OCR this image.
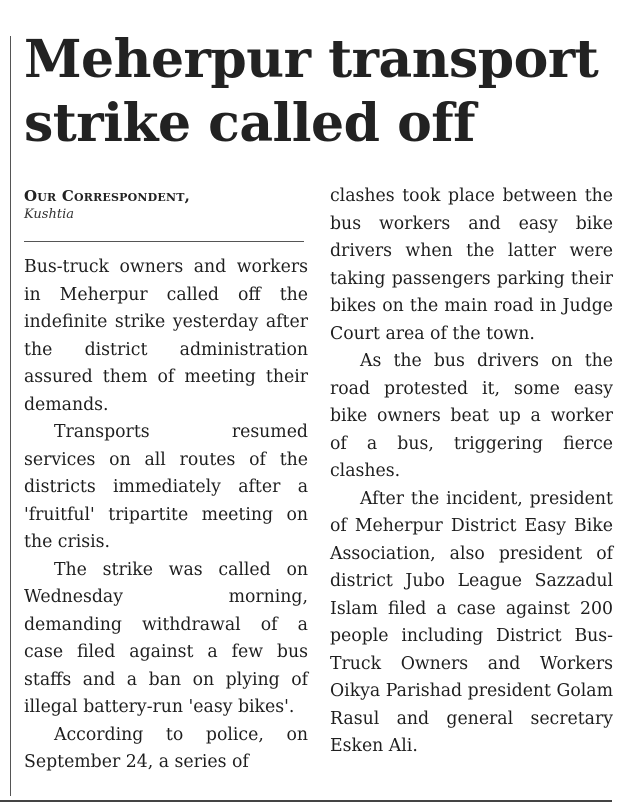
Meherpur transport strike called off
Our Correspondent,
Kushtia

Bus-truck owners and workers in Meherpur called off the indefinite strike yesterday after the district administration assured them of meeting their demands.

Transports resumed services on all routes of the districts immediately after a 'fruitful' tripartite meeting on the crisis.

The strike was called on Wednesday morning, demanding withdrawal of a case filed against a few bus staffs and a ban on plying of illegal battery-run 'easy bikes'.

According to police, on September 24, a series of

clashes took place between the bus workers and easy bike drivers when the latter were taking passengers parking their bikes on the main road in Judge Court area of the town.

As the bus drivers on the road protested it, some easy bike owners beat up a worker of a bus, triggering fierce clashes.

After the incident, president of Meherpur District Easy Bike Association, also president of district Jubo League Sazzadul Islam filed a case against 200 people including District Bus-Truck Owners and Workers Oikya Parishad president Golam Rasul and general secretary Esken Ali.
